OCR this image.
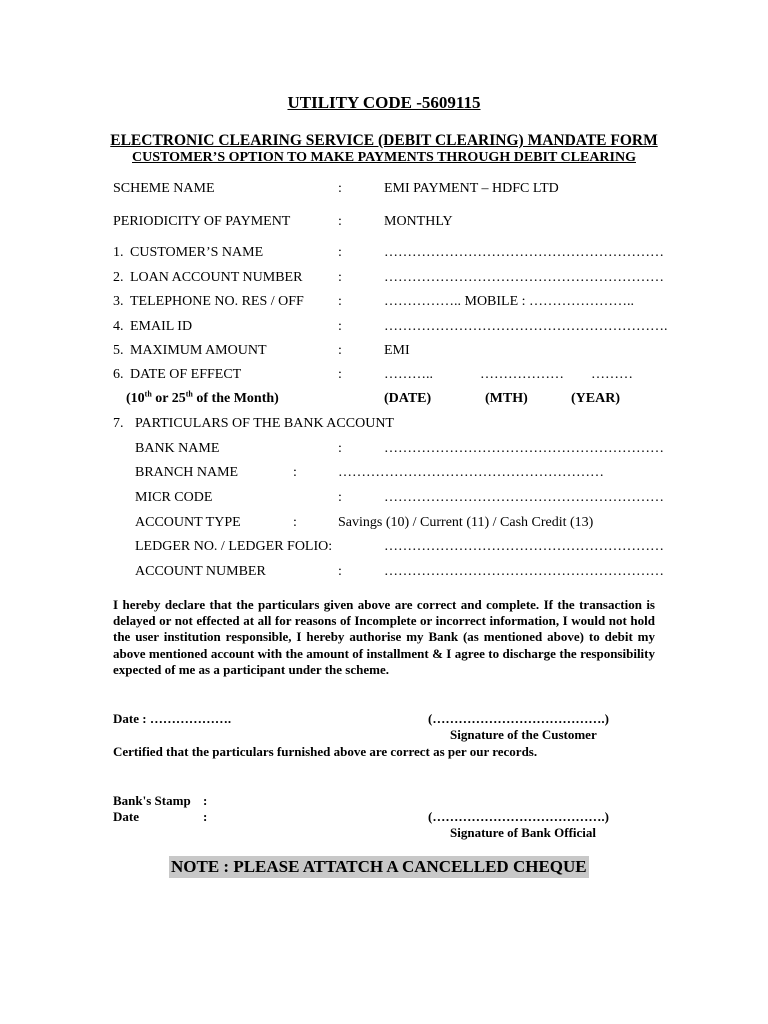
UTILITY CODE -5609115
ELECTRONIC CLEARING SERVICE (DEBIT CLEARING) MANDATE FORM
CUSTOMER’S OPTION TO MAKE PAYMENTS THROUGH DEBIT CLEARING
SCHEME NAME	:	EMI PAYMENT – HDFC LTD
PERIODICITY OF PAYMENT	:	MONTHLY
1. CUSTOMER’S NAME	:	……………………………………………………
2. LOAN ACCOUNT NUMBER	:	……………………………………………………
3. TELEPHONE NO. RES / OFF :	…………….. MOBILE : …………………..
4. EMAIL ID	:	…………………………………………………….
5. MAXIMUM AMOUNT	:	EMI
6. DATE OF EFFECT	:	………..	……………… ………
(10th or 25th of the Month)	(DATE)	(MTH)	(YEAR)
7. PARTICULARS OF THE BANK ACCOUNT
BANK NAME	:	……………………………………………………
BRANCH NAME	:	…………………………………………………
MICR CODE	:	……………………………………………………
ACCOUNT TYPE	:	Savings (10) / Current (11) / Cash Credit (13)
LEDGER NO. / LEDGER FOLIO:	……………………………………………………
ACCOUNT NUMBER	:	……………………………………………………
I hereby declare that the particulars given above are correct and complete. If the transaction is delayed or not effected at all for reasons of Incomplete or incorrect information, I would not hold the user institution responsible, I hereby authorise my Bank (as mentioned above) to debit my above mentioned account with the amount of installment & I agree to discharge the responsibility expected of me as a participant under the scheme.
Date : ……………….	(………………………………….)
Signature of the Customer
Certified that the particulars furnished above are correct as per our records.
Bank's Stamp :
Date	:	(………………………………….)
Signature of Bank Official
NOTE : PLEASE ATTATCH A CANCELLED CHEQUE
